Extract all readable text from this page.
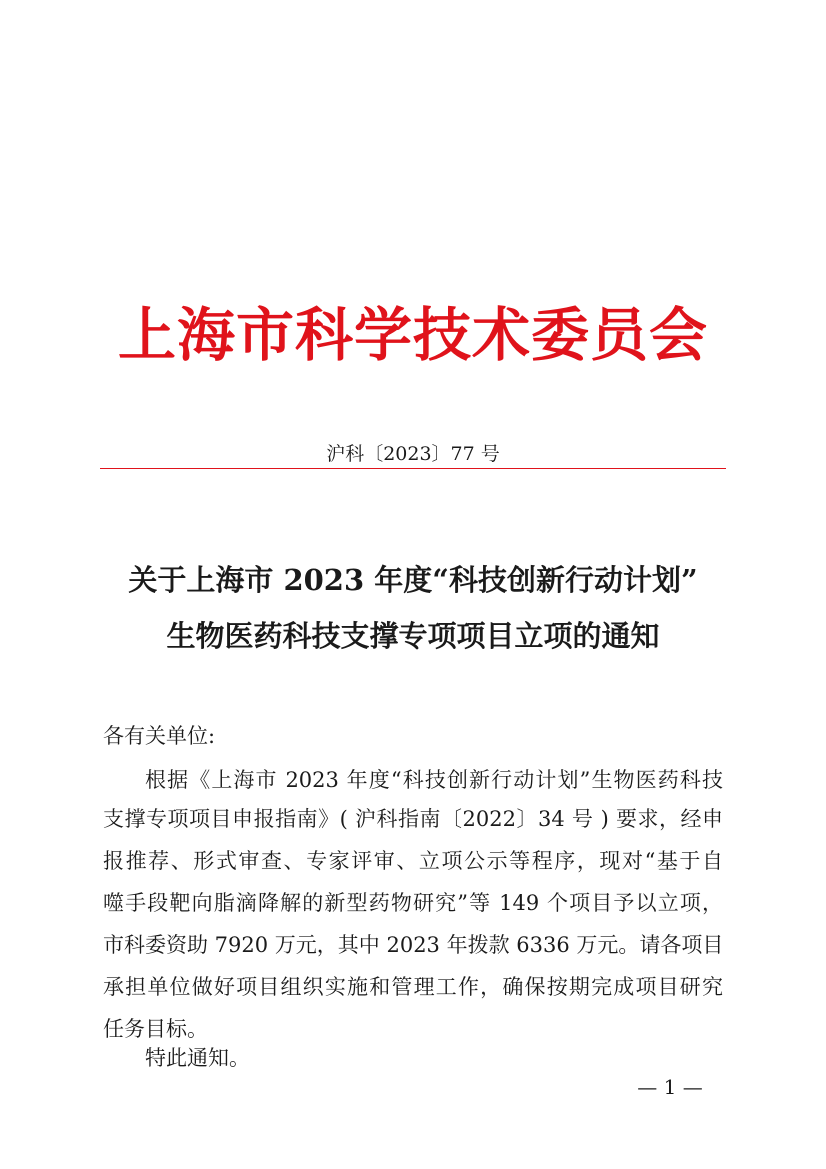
上海市科学技术委员会
沪科〔2023〕77 号
关于上海市 2023 年度“科技创新行动计划”
生物医药科技支撑专项项目立项的通知
各有关单位:
根据《上海市 2023 年度“科技创新行动计划”生物医药科技
支撑专项项目申报指南》( 沪科指南〔2022〕34 号 ) 要求，经申
报推荐、形式审查、专家评审、立项公示等程序，现对“基于自
噬手段靶向脂滴降解的新型药物研究”等 149 个项目予以立项，
市科委资助 7920 万元，其中 2023 年拨款 6336 万元。请各项目
承担单位做好项目组织实施和管理工作，确保按期完成项目研究
任务目标。
特此通知。
— 1 —
